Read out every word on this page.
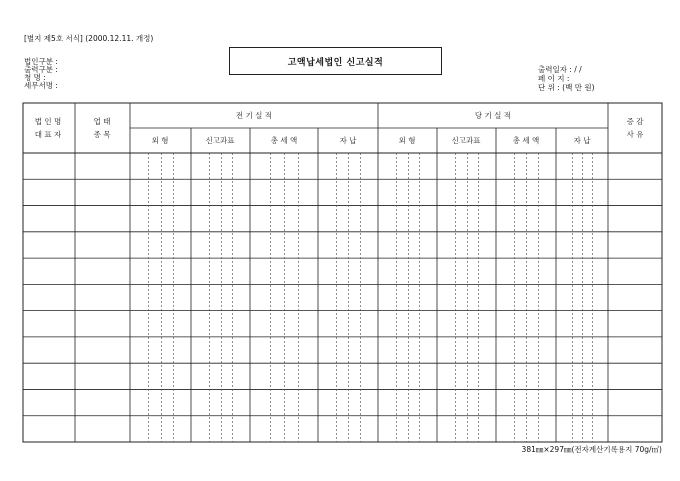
[별지 제5호 서식] (2000.12.11. 개정)
법인구분 :
출력구분 :
청 명 :
세무서명 :
고액납세법인 신고실적
출력일자 : / /
페 이 지 :
단 위 : (백 만 원)
법 인 명
대 표 자
업 태
종 목
전 기 실 적	당 기 실 적
증 감
사 유
외 형	신고과표	총 세 액	자 납	외 형	신고과표	총 세 액	자 납
381㎜×297㎜(전자계산기록용지 70g/㎡)
